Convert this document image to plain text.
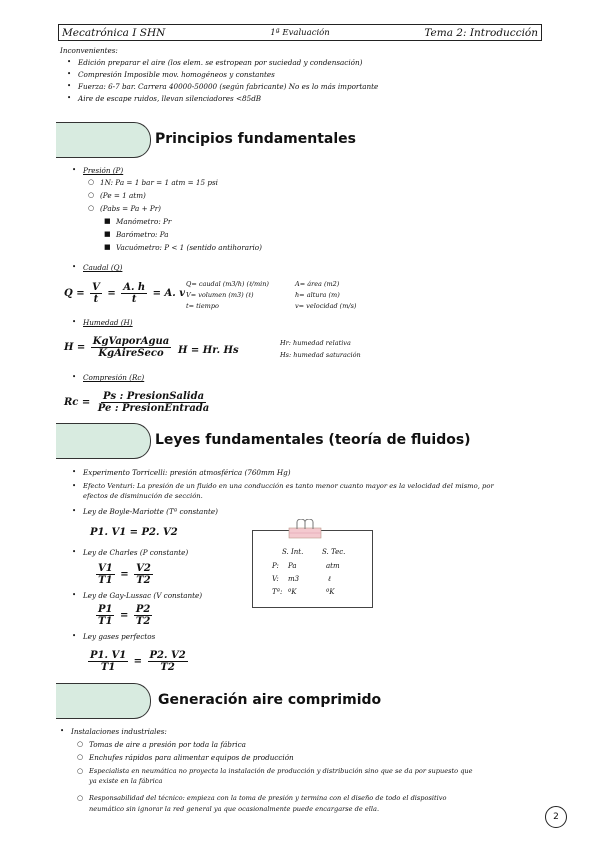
Mecatrónica I SHN	1ª Evaluación	Tema 2: Introducción
Inconvenientes:
• Edición preparar el aire (los elem. se estropean por suciedad y condensación)
• Compresión Imposible mov. homogéneos y constantes
• Fuerza: 6-7 bar. Carrera 40000-50000 (según fabricante) No es lo más importante
• Aire de escape ruidos, llevan silenciadores <85dB
Principios fundamentales
• Presión (P)
○ 1N: Pa = 1 bar = 1 atm = 15 psi
○ (Pe = 1 atm)
○ (Pabs = Pa + Pr)
■ Manómetro: Pr
■ Barómetro: Pa
■ Vacuómetro: P < 1 (sentido antihorario)
• Caudal (Q)
$Q = \frac{V}{t} = \frac{A. h}{t} = A$. v
Q= caudal (m3/h) (ℓ/min)
V= volumen (m3) (ℓ)
t= tiempo
A= área (m2)
h= altura (m)
v= velocidad (m/s)
• Humedad (H)
$H = \frac{\text{KgVaporAgua}}{\text{KgAireSeco}}$ H = Hr. Hs
Hr: humedad relativa
Hs: humedad saturación
• Compresión (Rc)
$Rc = \frac{\text{Ps : PresionSalida}}{\text{Pe : PresionEntrada}}$
Leyes fundamentales (teoría de fluidos)
• Experimento Torricelli: presión atmosférica (760mm Hg)
• Efecto Venturi: La presión de un fluido en una conducción es tanto menor cuanto mayor es la velocidad del mismo, por
efectos de disminución de sección.
• Ley de Boyle-Mariotte (Tª constante)
P1. V1 = P2. V2
• Ley de Charles (P constante)
$\frac{V1}{T1} = \frac{V2}{T2}$
• Ley de Gay-Lussac (V constante)
$\frac{P1}{T1} = \frac{P2}{T2}$
• Ley gases perfectos
$\frac{P1. V1}{T1} = \frac{P2. V2}{T2}$
S. Int.	S. Tec.
P: Pa	atm
V: m3	ℓ
Tª: ºK	ºK
Generación aire comprimido
• Instalaciones industriales:
○ Tomas de aire a presión por toda la fábrica
○ Enchufes rápidos para alimentar equipos de producción
○ Especialista en neumática no proyecta la instalación de producción y distribución sino que se da por supuesto que
ya existe en la fábrica
○ Responsabilidad del técnico: empieza con la toma de presión y termina con el diseño de todo el dispositivo
neumático sin ignorar la red general ya que ocasionalmente puede encargarse de ella.
2
